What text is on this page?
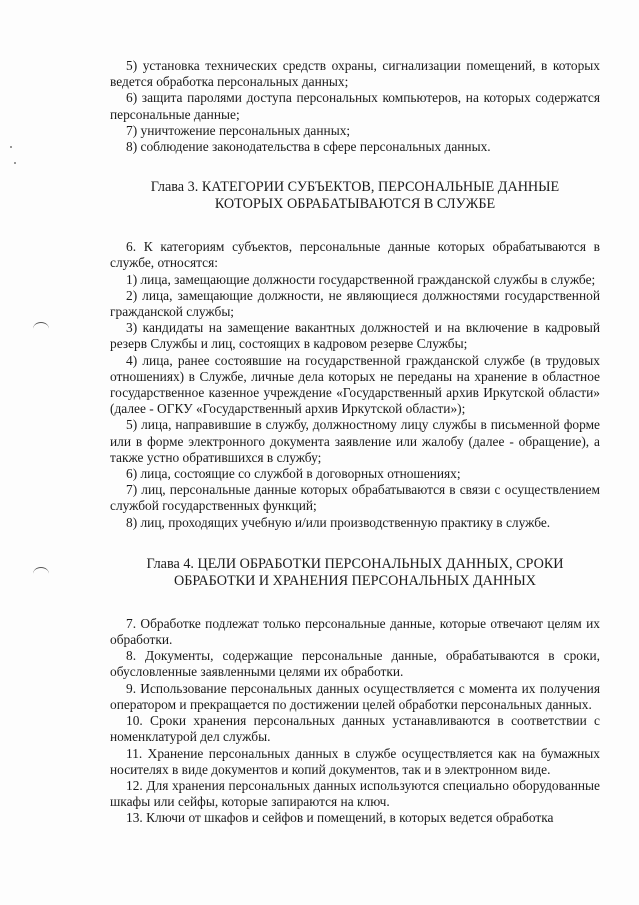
5) установка технических средств охраны, сигнализации помещений, в которых ведется обработка персональных данных;

6) защита паролями доступа персональных компьютеров, на которых содержатся персональные данные;

7) уничтожение персональных данных;

8) соблюдение законодательства в сфере персональных данных.

Глава 3. КАТЕГОРИИ СУБЪЕКТОВ, ПЕРСОНАЛЬНЫЕ ДАННЫЕ КОТОРЫХ ОБРАБАТЫВАЮТСЯ В СЛУЖБЕ

6. К категориям субъектов, персональные данные которых обрабатываются в службе, относятся:

1) лица, замещающие должности государственной гражданской службы в службе;

2) лица, замещающие должности, не являющиеся должностями государственной гражданской службы;

3) кандидаты на замещение вакантных должностей и на включение в кадровый резерв Службы и лиц, состоящих в кадровом резерве Службы;

4) лица, ранее состоявшие на государственной гражданской службе (в трудовых отношениях) в Службе, личные дела которых не переданы на хранение в областное государственное казенное учреждение «Государственный архив Иркутской области» (далее - ОГКУ «Государственный архив Иркутской области»);

5) лица, направившие в службу, должностному лицу службы в письменной форме или в форме электронного документа заявление или жалобу (далее - обращение), а также устно обратившихся в службу;

6) лица, состоящие со службой в договорных отношениях;

7) лиц, персональные данные которых обрабатываются в связи с осуществлением службой государственных функций;

8) лиц, проходящих учебную и/или производственную практику в службе.

Глава 4. ЦЕЛИ ОБРАБОТКИ ПЕРСОНАЛЬНЫХ ДАННЫХ, СРОКИ ОБРАБОТКИ И ХРАНЕНИЯ ПЕРСОНАЛЬНЫХ ДАННЫХ

7. Обработке подлежат только персональные данные, которые отвечают целям их обработки.

8. Документы, содержащие персональные данные, обрабатываются в сроки, обусловленные заявленными целями их обработки.

9. Использование персональных данных осуществляется с момента их получения оператором и прекращается по достижении целей обработки персональных данных.

10. Сроки хранения персональных данных устанавливаются в соответствии с номенклатурой дел службы.

11. Хранение персональных данных в службе осуществляется как на бумажных носителях в виде документов и копий документов, так и в электронном виде.

12. Для хранения персональных данных используются специально оборудованные шкафы или сейфы, которые запираются на ключ.

13. Ключи от шкафов и сейфов и помещений, в которых ведется обработка
